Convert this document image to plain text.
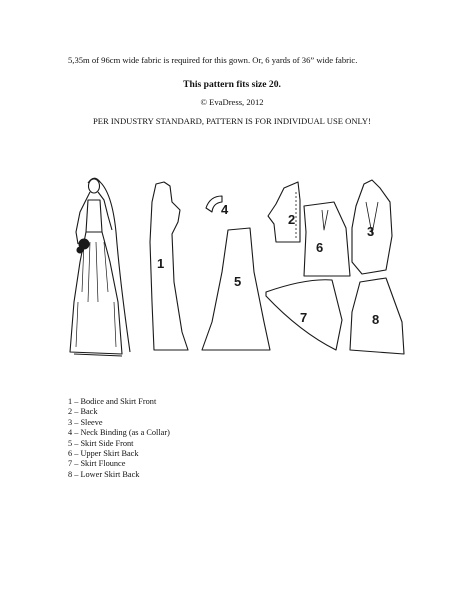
5,35m of 96cm wide fabric is required for this gown. Or, 6 yards of 36” wide fabric.
This pattern fits size 20.
© EvaDress, 2012
PER INDUSTRY STANDARD, PATTERN IS FOR INDIVIDUAL USE ONLY!
1
2
3
4
5
6
7	8
1 – Bodice and Skirt Front
2 – Back
3 – Sleeve
4 – Neck Binding (as a Collar)
5 – Skirt Side Front
6 – Upper Skirt Back
7 – Skirt Flounce
8 – Lower Skirt Back
